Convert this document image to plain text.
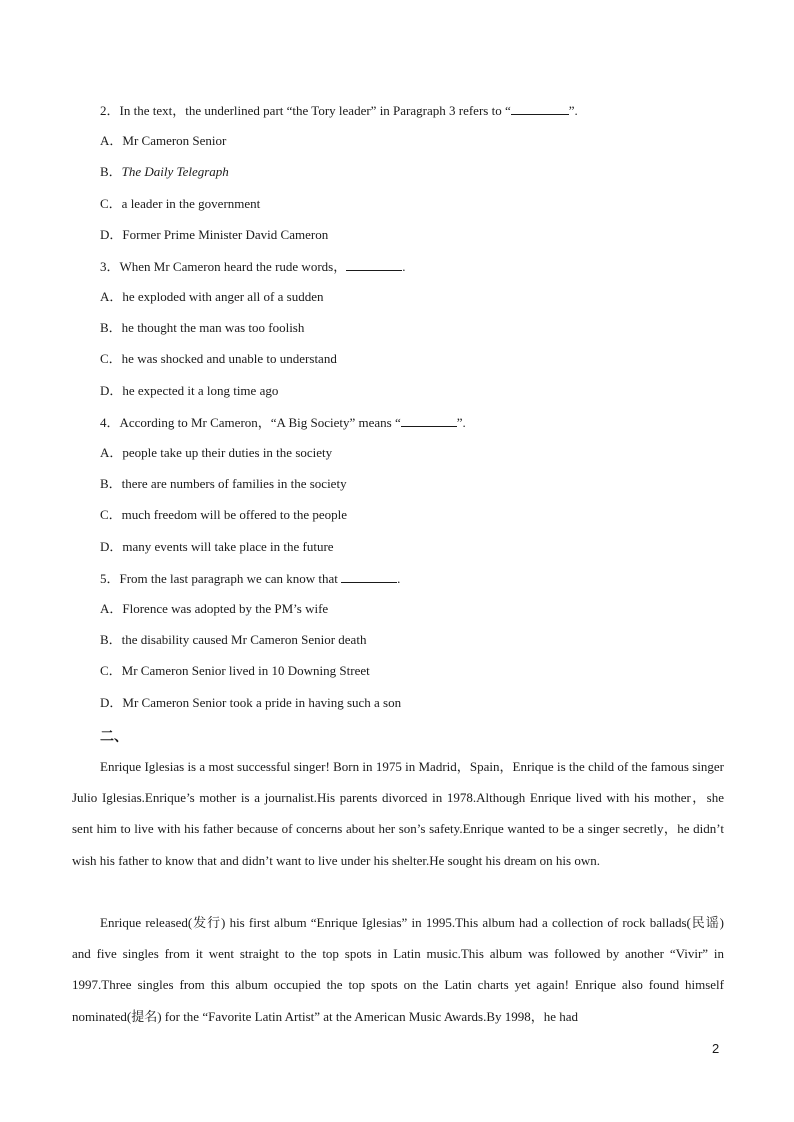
2．In the text，the underlined part “the Tory leader” in Paragraph 3 refers to “	”.
A．Mr Cameron Senior
B．The Daily Telegraph
C．a leader in the government
D．Former Prime Minister David Cameron
3．When Mr Cameron heard the rude words，	.
A．he exploded with anger all of a sudden
B．he thought the man was too foolish
C．he was shocked and unable to understand
D．he expected it a long time ago
4．According to Mr Cameron，“A Big Society” means “	”.
A．people take up their duties in the society
B．there are numbers of families in the society
C．much freedom will be offered to the people
D．many events will take place in the future
5．From the last paragraph we can know that	.
A．Florence was adopted by the PM’s wife
B．the disability caused Mr Cameron Senior death
C．Mr Cameron Senior lived in 10 Downing Street
D．Mr Cameron Senior took a pride in having such a son
二、

Enrique Iglesias is a most successful singer! Born in 1975 in Madrid，Spain，Enrique is the child of the famous singer Julio Iglesias.Enrique’s mother is a journalist.His parents divorced in 1978.Although Enrique lived with his mother，she sent him to live with his father because of concerns about her son’s safety.Enrique wanted to be a singer secretly，he didn’t wish his father to know that and didn’t want to live under his shelter.He sought his dream on his own.

Enrique released(发行) his first album “Enrique Iglesias” in 1995.This album had a collection of rock ballads(民谣) and five singles from it went straight to the top spots in Latin music.This album was followed by another “Vivir” in 1997.Three singles from this album occupied the top spots on the Latin charts yet again! Enrique also found himself nominated(提名) for the “Favorite Latin Artist” at the American Music Awards.By 1998，he had

2
